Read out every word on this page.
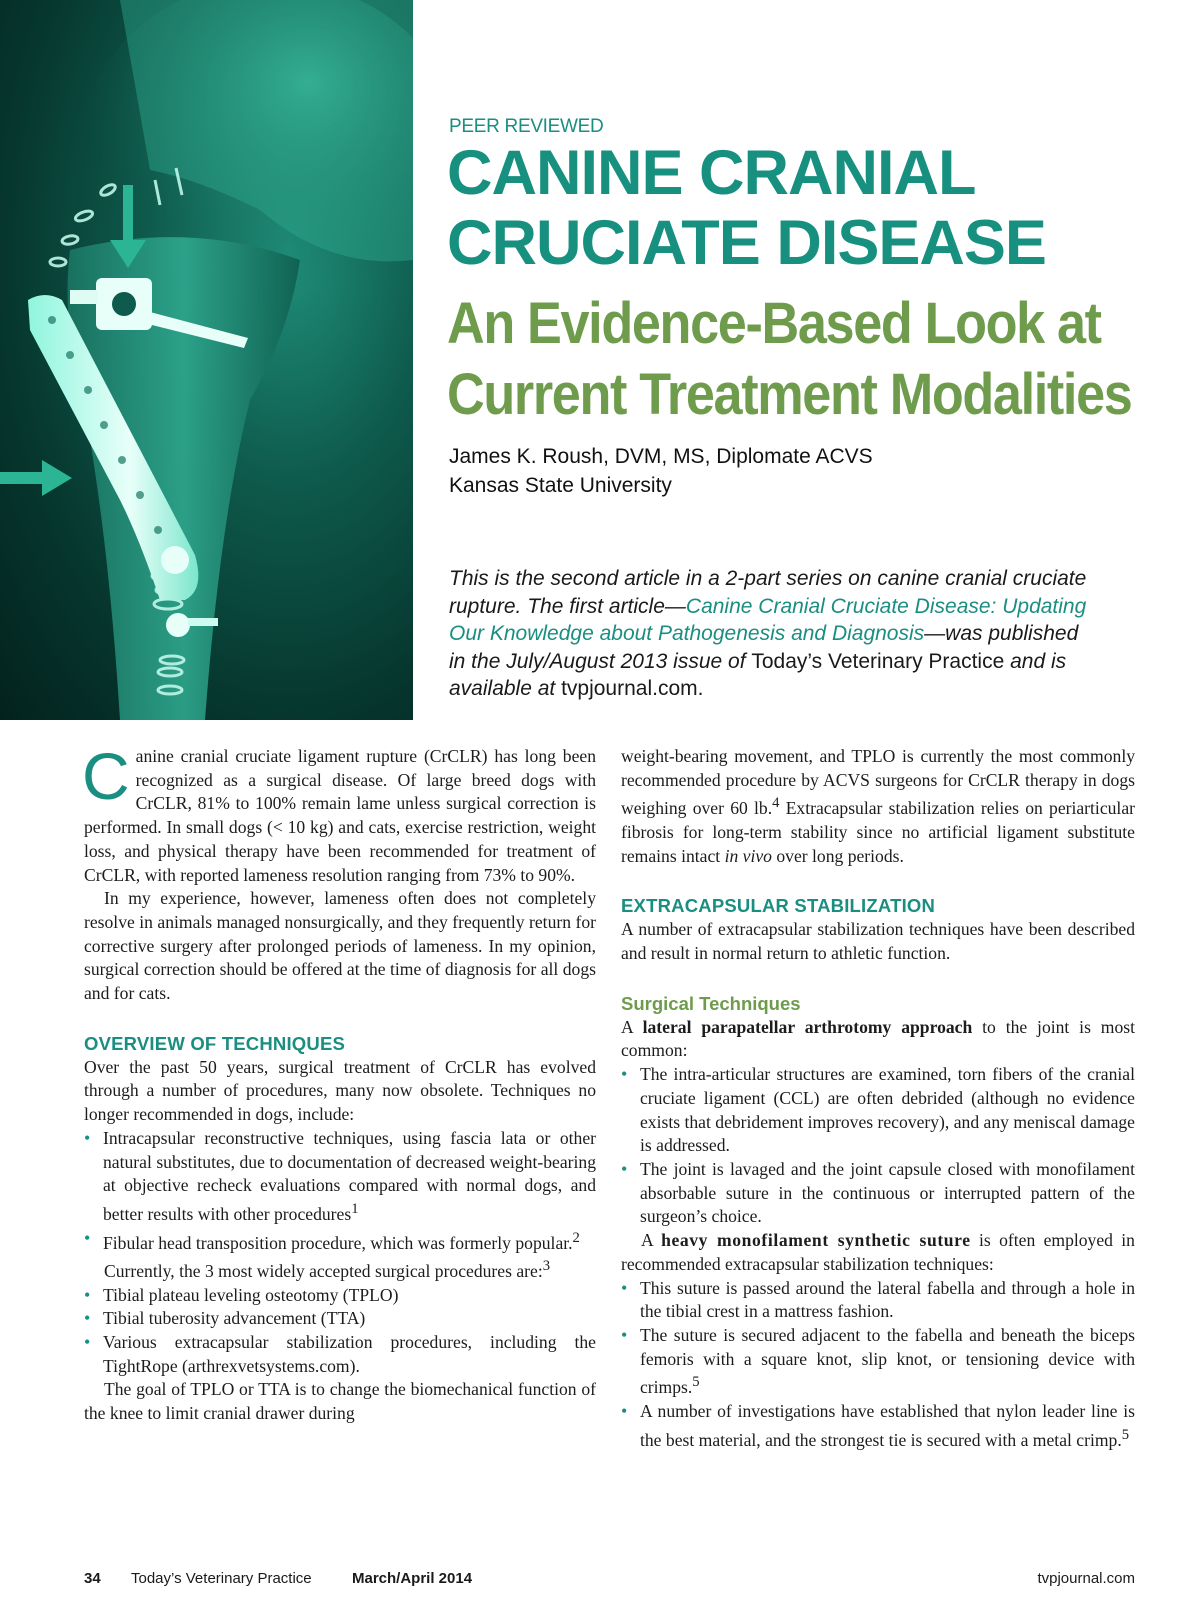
PEER REVIEWED
CANINE CRANIAL
CRUCIATE DISEASE
An Evidence-Based Look at
Current Treatment Modalities
James K. Roush, DVM, MS, Diplomate ACVS
Kansas State University

This is the second article in a 2-part series on canine cranial cruciate rupture. The first article—Canine Cranial Cruciate Disease: Updating Our Knowledge about Pathogenesis and Diagnosis—was published in the July/August 2013 issue of Today’s Veterinary Practice and is available at tvpjournal.com.

Canine cranial cruciate ligament rupture (CrCLR) has long been recognized as a surgical disease. Of large breed dogs with CrCLR, 81% to 100% remain lame unless surgical correction is performed. In small dogs (< 10 kg) and cats, exercise restriction, weight loss, and physical therapy have been recommended for treatment of CrCLR, with reported lameness resolution ranging from 73% to 90%.

In my experience, however, lameness often does not completely resolve in animals managed nonsurgically, and they frequently return for corrective surgery after prolonged periods of lameness. In my opinion, surgical correction should be offered at the time of diagnosis for all dogs and for cats.

OVERVIEW OF TECHNIQUES

Over the past 50 years, surgical treatment of CrCLR has evolved through a number of procedures, many now obsolete. Techniques no longer recommended in dogs, include:

• Intracapsular reconstructive techniques, using fascia lata or other natural substitutes, due to documentation of decreased weight-bearing at objective recheck evaluations compared with normal dogs, and better results with other procedures$^1$
• Fibular head transposition procedure, which was formerly popular.$^2$

Currently, the 3 most widely accepted surgical procedures are:$^3$

• Tibial plateau leveling osteotomy (TPLO)
• Tibial tuberosity advancement (TTA)
• Various extracapsular stabilization procedures, including the TightRope (arthrexvetsystems.com).

The goal of TPLO or TTA is to change the biomechanical function of the knee to limit cranial drawer during

weight-bearing movement, and TPLO is currently the most commonly recommended procedure by ACVS surgeons for CrCLR therapy in dogs weighing over 60 lb.$^4$ Extracapsular stabilization relies on periarticular fibrosis for long-term stability since no artificial ligament substitute remains intact in vivo over long periods.

EXTRACAPSULAR STABILIZATION

A number of extracapsular stabilization techniques have been described and result in normal return to athletic function.

Surgical Techniques

A lateral parapatellar arthrotomy approach to the joint is most common:

• The intra-articular structures are examined, torn fibers of the cranial cruciate ligament (CCL) are often debrided (although no evidence exists that debridement improves recovery), and any meniscal damage is addressed.
• The joint is lavaged and the joint capsule closed with monofilament absorbable suture in the continuous or interrupted pattern of the surgeon’s choice.

A heavy monofilament synthetic suture is often employed in recommended extracapsular stabilization techniques:

• This suture is passed around the lateral fabella and through a hole in the tibial crest in a mattress fashion.
• The suture is secured adjacent to the fabella and beneath the biceps femoris with a square knot, slip knot, or tensioning device with crimps.$^5$
• A number of investigations have established that nylon leader line is the best material, and the strongest tie is secured with a metal crimp.$^5$
34 Today’s Veterinary Practice	March/April 2014	tvpjournal.com
